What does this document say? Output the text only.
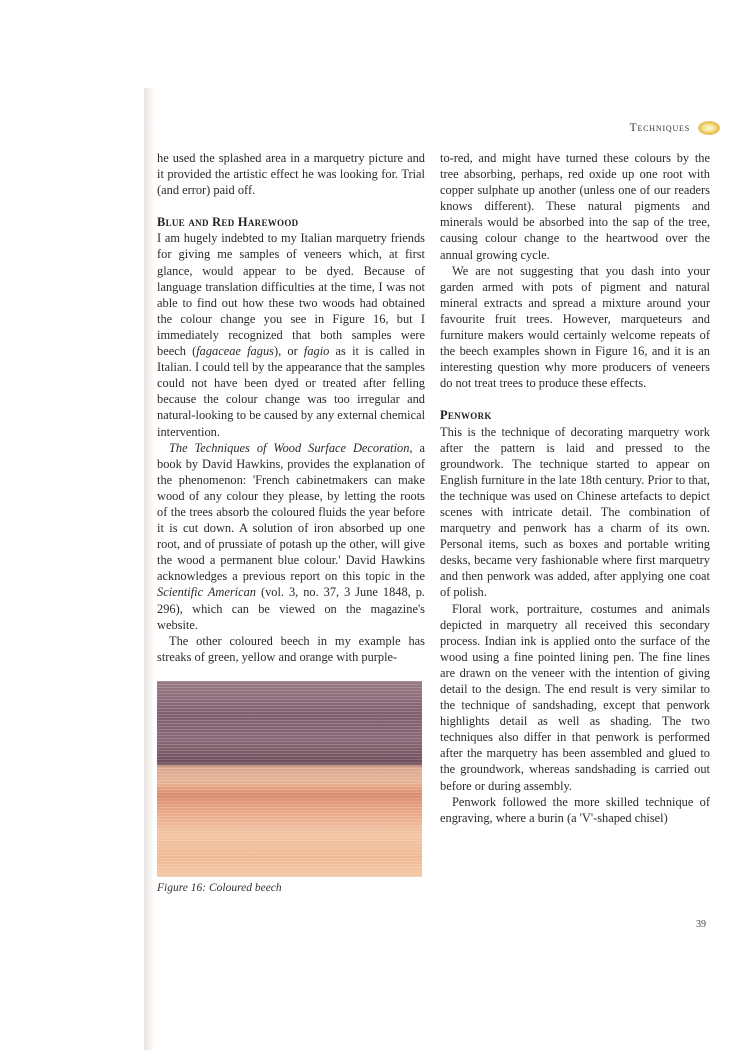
Techniques

he used the splashed area in a marquetry picture and it provided the artistic effect he was looking for. Trial (and error) paid off.

Blue and Red Harewood

I am hugely indebted to my Italian marquetry friends for giving me samples of veneers which, at first glance, would appear to be dyed. Because of language translation difficulties at the time, I was not able to find out how these two woods had obtained the colour change you see in Figure 16, but I immediately recognized that both samples were beech (fagaceae fagus), or fagio as it is called in Italian. I could tell by the appearance that the samples could not have been dyed or treated after felling because the colour change was too irregular and natural-looking to be caused by any external chemical intervention.

The Techniques of Wood Surface Decoration, a book by David Hawkins, provides the explanation of the phenomenon: 'French cabinetmakers can make wood of any colour they please, by letting the roots of the trees absorb the coloured fluids the year before it is cut down. A solution of iron absorbed up one root, and of prussiate of potash up the other, will give the wood a permanent blue colour.' David Hawkins acknowledges a previous report on this topic in the Scientific American (vol. 3, no. 37, 3 June 1848, p. 296), which can be viewed on the magazine's website.

The other coloured beech in my example has streaks of green, yellow and orange with purple-

Figure 16: Coloured beech

to-red, and might have turned these colours by the tree absorbing, perhaps, red oxide up one root with copper sulphate up another (unless one of our readers knows different). These natural pigments and minerals would be absorbed into the sap of the tree, causing colour change to the heartwood over the annual growing cycle.

We are not suggesting that you dash into your garden armed with pots of pigment and natural mineral extracts and spread a mixture around your favourite fruit trees. However, marqueteurs and furniture makers would certainly welcome repeats of the beech examples shown in Figure 16, and it is an interesting question why more producers of veneers do not treat trees to produce these effects.

Penwork

This is the technique of decorating marquetry work after the pattern is laid and pressed to the groundwork. The technique started to appear on English furniture in the late 18th century. Prior to that, the technique was used on Chinese artefacts to depict scenes with intricate detail. The combination of marquetry and penwork has a charm of its own. Personal items, such as boxes and portable writing desks, became very fashionable where first marquetry and then penwork was added, after applying one coat of polish.

Floral work, portraiture, costumes and animals depicted in marquetry all received this secondary process. Indian ink is applied onto the surface of the wood using a fine pointed lining pen. The fine lines are drawn on the veneer with the intention of giving detail to the design. The end result is very similar to the technique of sandshading, except that penwork highlights detail as well as shading. The two techniques also differ in that penwork is performed after the marquetry has been assembled and glued to the groundwork, whereas sandshading is carried out before or during assembly.

Penwork followed the more skilled technique of engraving, where a burin (a 'V'-shaped chisel)

39
